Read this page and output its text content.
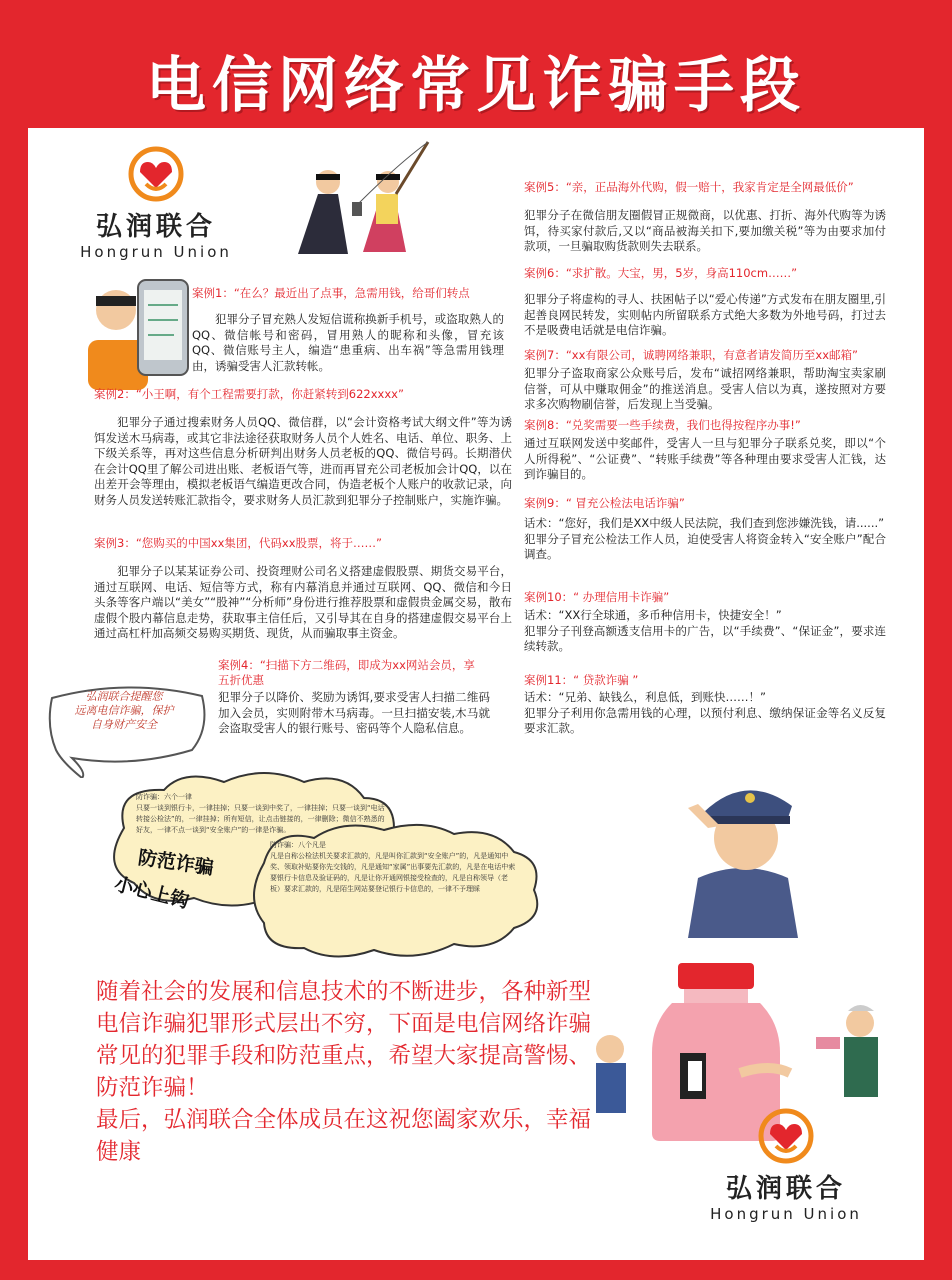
电信网络常见诈骗手段
弘润联合
Hongrun Union
案例1：“在么？最近出了点事，急需用钱，给哥们转点
犯罪分子冒充熟人发短信谎称换新手机号，或盗取熟人的QQ、微信帐号和密码，冒用熟人的昵称和头像，冒充该QQ、微信账号主人，编造“患重病、出车祸”等急需用钱理由，诱骗受害人汇款转帐。
案例2：“小王啊，有个工程需要打款，你赶紧转到622xxxx”
犯罪分子通过搜索财务人员QQ、微信群，以“会计资格考试大纲文件”等为诱饵发送木马病毒，或其它非法途径获取财务人员个人姓名、电话、单位、职务、上下级关系等，再对这些信息分析研判出财务人员老板的QQ、微信号码。长期潜伏在会计QQ里了解公司进出账、老板语气等，进而再冒充公司老板加会计QQ，以在出差开会等理由，模拟老板语气编造更改合同，伪造老板个人账户的收款记录，向财务人员发送转账汇款指令，要求财务人员汇款到犯罪分子控制账户，实施诈骗。
案例3：“您购买的中国xx集团，代码xx股票，将于……”
犯罪分子以某某证券公司、投资理财公司名义搭建虚假股票、期货交易平台，通过互联网、电话、短信等方式，称有内幕消息并通过互联网、QQ、微信和今日头条等客户端以“美女”“股神”“分析师”身份进行推荐股票和虚假贵金属交易，散布虚假个股内幕信息走势，获取事主信任后，又引导其在自身的搭建虚假交易平台上通过高杠杆加高频交易购买期货、现货，从而骗取事主资金。
案例4：“扫描下方二维码，即成为xx网站会员，享五折优惠
犯罪分子以降价、奖励为诱饵,要求受害人扫描二维码加入会员，实则附带木马病毒。一旦扫描安装,木马就会盗取受害人的银行账号、密码等个人隐私信息。
弘润联合提醒您
远离电信诈骗，保护
自身财产安全
案例5：“亲，正品海外代购，假一赔十，我家肯定是全网最低价”
犯罪分子在微信朋友圈假冒正规微商，以优惠、打折、海外代购等为诱饵，待买家付款后,又以“商品被海关扣下,要加缴关税”等为由要求加付款项，一旦骗取购货款则失去联系。
案例6：“求扩散。大宝，男，5岁，身高110cm……”
犯罪分子将虚构的寻人、扶困帖子以“爱心传递”方式发布在朋友圈里,引起善良网民转发，实则帖内所留联系方式绝大多数为外地号码，打过去不是吸费电话就是电信诈骗。
案例7：“xx有限公司，诚聘网络兼职，有意者请发简历至xx邮箱”
犯罪分子盗取商家公众账号后，发布“诚招网络兼职，帮助淘宝卖家刷信誉，可从中赚取佣金”的推送消息。受害人信以为真，遂按照对方要求多次购物刷信誉，后发现上当受骗。
案例8：“兑奖需要一些手续费，我们也得按程序办事!”
通过互联网发送中奖邮件，受害人一旦与犯罪分子联系兑奖，即以“个人所得税”、“公证费”、“转账手续费”等各种理由要求受害人汇钱，达到诈骗目的。
案例9：“ 冒充公检法电话诈骗”
话术：“您好，我们是XX中级人民法院，我们查到您涉嫌洗钱，请......”
犯罪分子冒充公检法工作人员，迫使受害人将资金转入“安全账户”配合调查。
案例10：“ 办理信用卡诈骗”
话术：“XX行全球通，多币种信用卡，快捷安全！”
犯罪分子刊登高额透支信用卡的广告，以“手续费”、“保证金”，要求连续转款。
案例11：“ 贷款诈骗 ”
话术：“兄弟、缺钱么，利息低，到账快……！”
犯罪分子利用你急需用钱的心理，以预付利息、缴纳保证金等名义反复要求汇款。
防诈骗：六个一律
只要一谈到银行卡，一律挂掉；只要一谈到中奖了，一律挂掉；只要一谈到“电话转接公检法”的，一律挂掉；所有短信，让点击链接的，一律删除；微信不熟悉的好友，一律不点一谈到“安全账户”的一律是诈骗。
防诈骗：八个凡是
凡是自称公检法机关要求汇款的，凡是叫你汇款到“安全账户”的，凡是通知中奖、领取补贴要你先交钱的，凡是通知“家属”出事要先汇款的，凡是在电话中索要银行卡信息及验证码的，凡是让你开通网银接受检查的，凡是自称领导（老板）要求汇款的，凡是陌生网站要登记银行卡信息的，一律不予理睬
防范诈骗
小心上钩
随着社会的发展和信息技术的不断进步，各种新型电信诈骗犯罪形式层出不穷，下面是电信网络诈骗常见的犯罪手段和防范重点，希望大家提高警惕、防范诈骗！
最后，弘润联合全体成员在这祝您阖家欢乐，幸福健康
弘润联合
Hongrun Union
